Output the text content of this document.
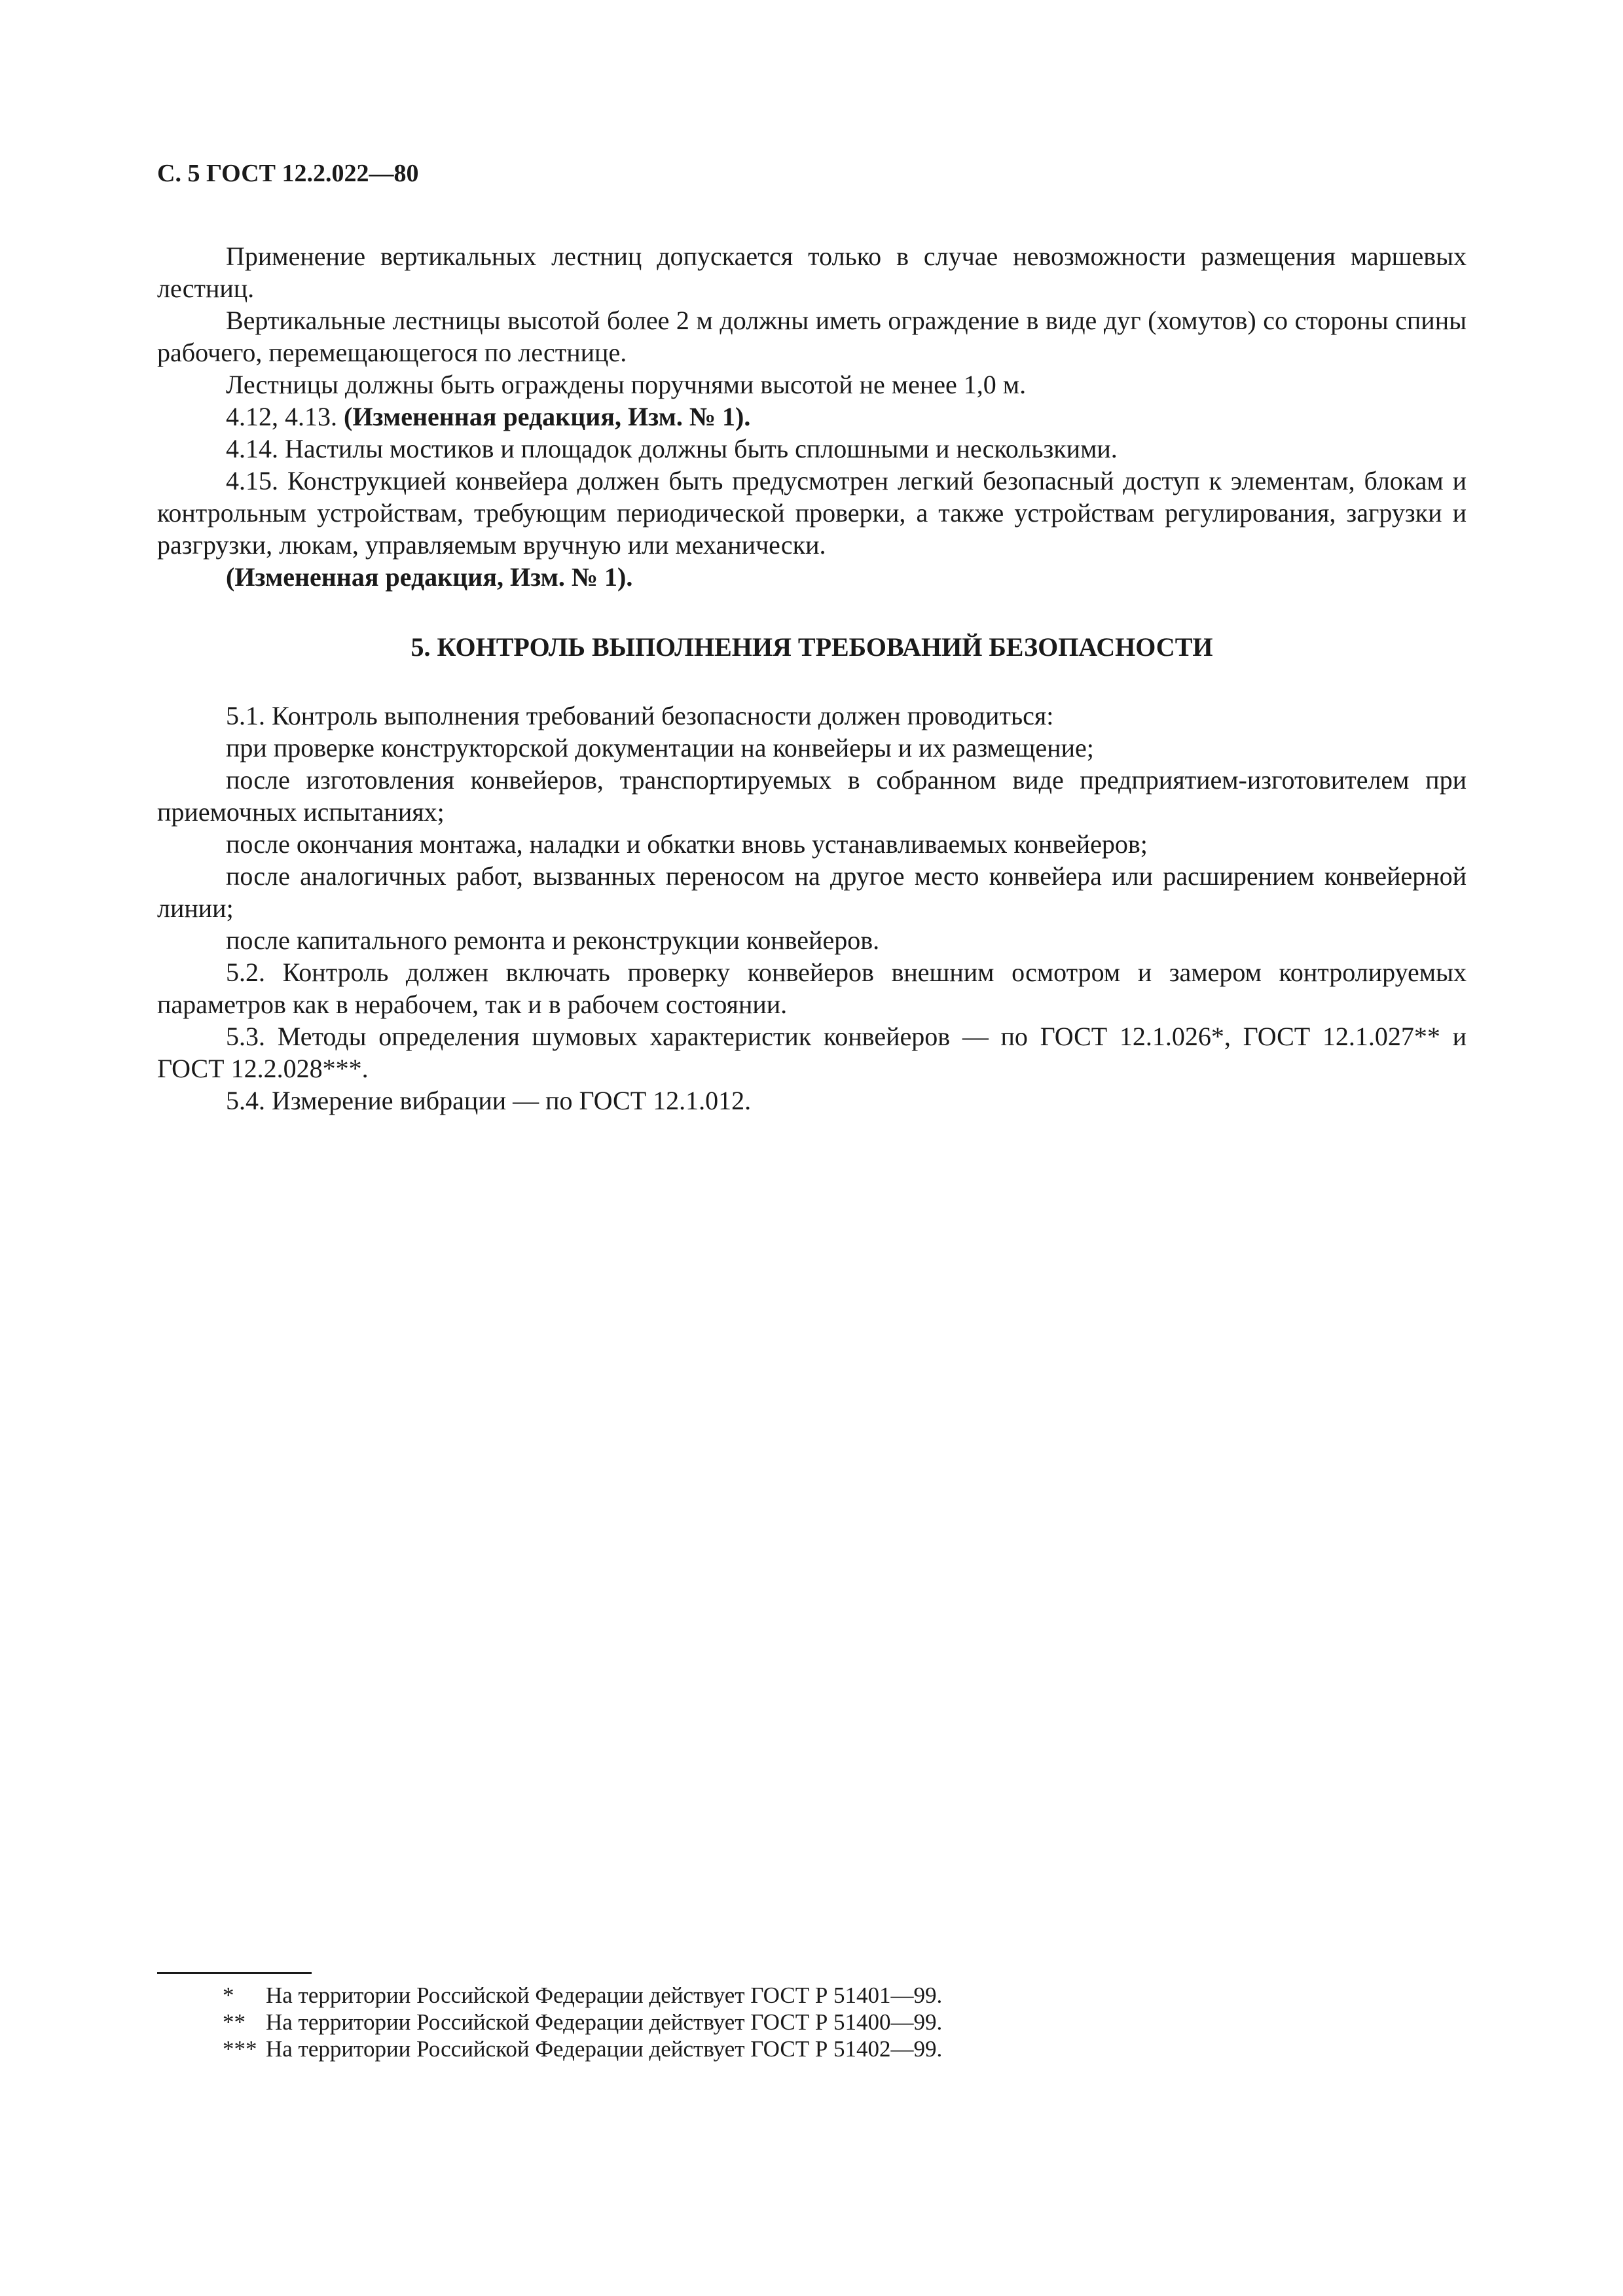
С. 5 ГОСТ 12.2.022—80

Применение вертикальных лестниц допускается только в случае невозможности размещения маршевых лестниц.

Вертикальные лестницы высотой более 2 м должны иметь ограждение в виде дуг (хомутов) со стороны спины рабочего, перемещающегося по лестнице.

Лестницы должны быть ограждены поручнями высотой не менее 1,0 м.

4.12, 4.13. (Измененная редакция, Изм. № 1).

4.14. Настилы мостиков и площадок должны быть сплошными и нескользкими.

4.15. Конструкцией конвейера должен быть предусмотрен легкий безопасный доступ к элементам, блокам и контрольным устройствам, требующим периодической проверки, а также устройствам регулирования, загрузки и разгрузки, люкам, управляемым вручную или механически.

(Измененная редакция, Изм. № 1).

5. КОНТРОЛЬ ВЫПОЛНЕНИЯ ТРЕБОВАНИЙ БЕЗОПАСНОСТИ

5.1. Контроль выполнения требований безопасности должен проводиться:

при проверке конструкторской документации на конвейеры и их размещение;

после изготовления конвейеров, транспортируемых в собранном виде предприятием-изготовителем при приемочных испытаниях;

после окончания монтажа, наладки и обкатки вновь устанавливаемых конвейеров;

после аналогичных работ, вызванных переносом на другое место конвейера или расширением конвейерной линии;

после капитального ремонта и реконструкции конвейеров.

5.2. Контроль должен включать проверку конвейеров внешним осмотром и замером контролируемых параметров как в нерабочем, так и в рабочем состоянии.

5.3. Методы определения шумовых характеристик конвейеров — по ГОСТ 12.1.026*, ГОСТ 12.1.027** и ГОСТ 12.2.028***.

5.4. Измерение вибрации — по ГОСТ 12.1.012.

*	На территории Российской Федерации действует ГОСТ Р 51401—99.
** На территории Российской Федерации действует ГОСТ Р 51400—99.
*** На территории Российской Федерации действует ГОСТ Р 51402—99.
